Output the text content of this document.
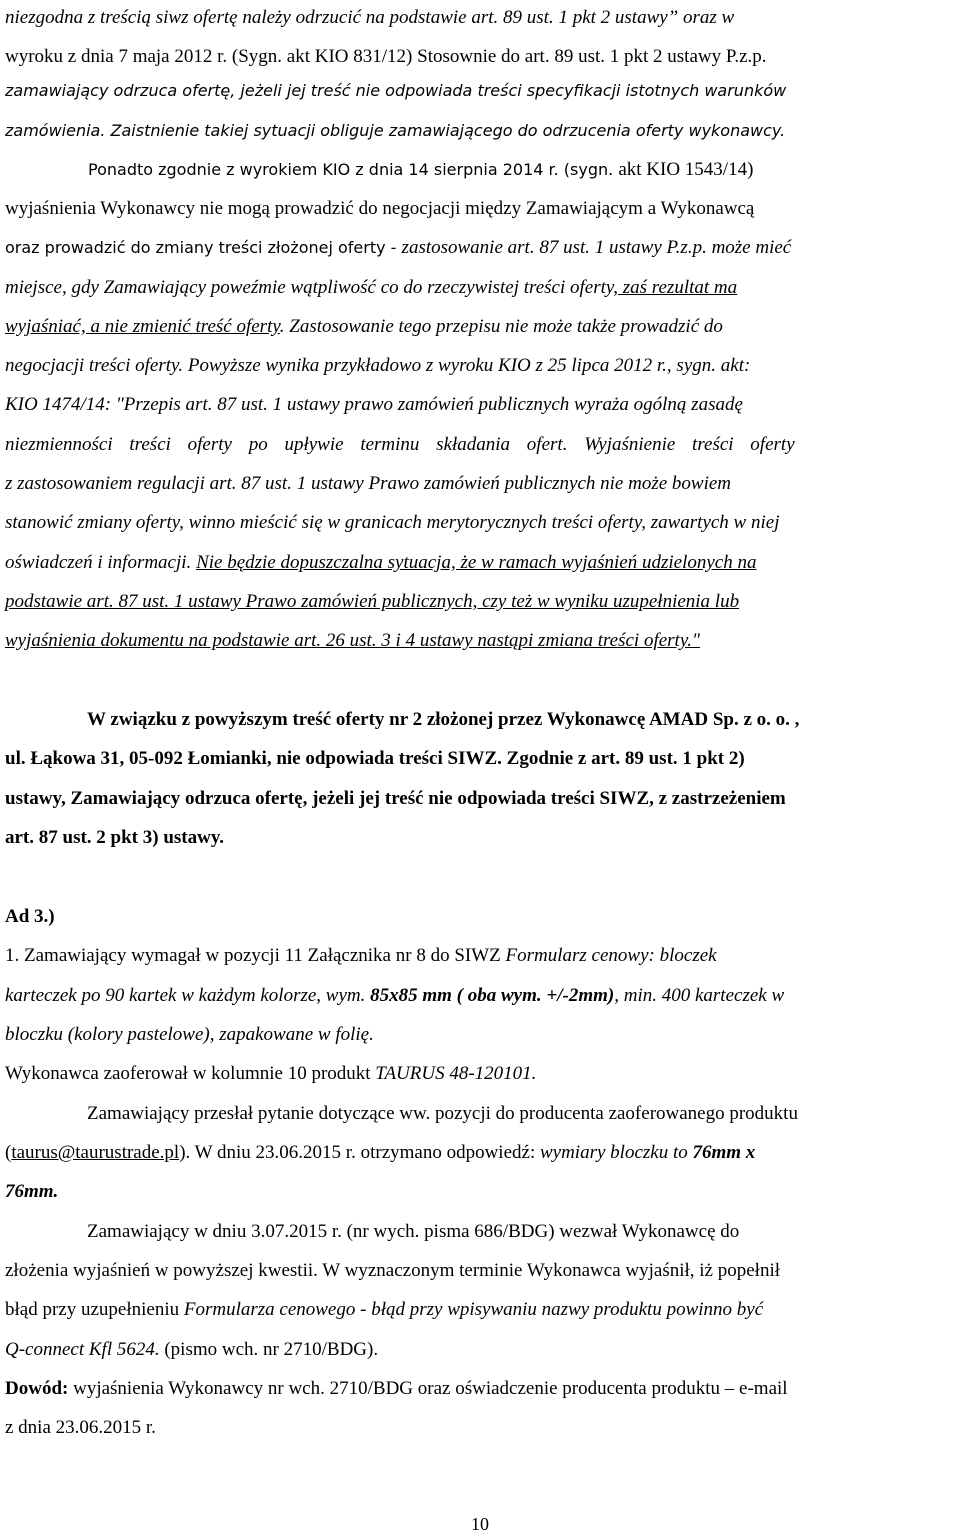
niezgodna z treścią siwz ofertę należy odrzucić na podstawie art. 89 ust. 1 pkt 2 ustawy” oraz w
wyroku z dnia 7 maja 2012 r. (Sygn. akt KIO 831/12) Stosownie do art. 89 ust. 1 pkt 2 ustawy P.z.p.
zamawiający odrzuca ofertę, jeżeli jej treść nie odpowiada treści specyfikacji istotnych warunków
zamówienia. Zaistnienie takiej sytuacji obliguje zamawiającego do odrzucenia oferty wykonawcy.
Ponadto zgodnie z wyrokiem KIO z dnia 14 sierpnia 2014 r. (sygn. akt KIO 1543/14)
wyjaśnienia Wykonawcy nie mogą prowadzić do negocjacji między Zamawiającym a Wykonawcą
oraz prowadzić do zmiany treści złożonej oferty - zastosowanie art. 87 ust. 1 ustawy P.z.p. może mieć
miejsce, gdy Zamawiający poweźmie wątpliwość co do rzeczywistej treści oferty, zaś rezultat ma
wyjaśniać, a nie zmienić treść oferty. Zastosowanie tego przepisu nie może także prowadzić do
negocjacji treści oferty. Powyższe wynika przykładowo z wyroku KIO z 25 lipca 2012 r., sygn. akt:
KIO 1474/14: "Przepis art. 87 ust. 1 ustawy prawo zamówień publicznych wyraża ogólną zasadę
niezmienności treści oferty po upływie terminu składania ofert. Wyjaśnienie treści oferty
z zastosowaniem regulacji art. 87 ust. 1 ustawy Prawo zamówień publicznych nie może bowiem
stanowić zmiany oferty, winno mieścić się w granicach merytorycznych treści oferty, zawartych w niej
oświadczeń i informacji. Nie będzie dopuszczalna sytuacja, że w ramach wyjaśnień udzielonych na
podstawie art. 87 ust. 1 ustawy Prawo zamówień publicznych, czy też w wyniku uzupełnienia lub
wyjaśnienia dokumentu na podstawie art. 26 ust. 3 i 4 ustawy nastąpi zmiana treści oferty."
W związku z powyższym treść oferty nr 2 złożonej przez Wykonawcę AMAD Sp. z o. o. ,
ul. Łąkowa 31, 05-092 Łomianki, nie odpowiada treści SIWZ. Zgodnie z art. 89 ust. 1 pkt 2)
ustawy, Zamawiający odrzuca ofertę, jeżeli jej treść nie odpowiada treści SIWZ, z zastrzeżeniem
art. 87 ust. 2 pkt 3) ustawy.
Ad 3.)
1. Zamawiający wymagał w pozycji 11 Załącznika nr 8 do SIWZ Formularz cenowy: bloczek
karteczek po 90 kartek w każdym kolorze, wym. 85x85 mm ( oba wym. +/-2mm), min. 400 karteczek w
bloczku (kolory pastelowe), zapakowane w folię.
Wykonawca zaoferował w kolumnie 10 produkt TAURUS 48-120101.
Zamawiający przesłał pytanie dotyczące ww. pozycji do producenta zaoferowanego produktu
(taurus@taurustrade.pl). W dniu 23.06.2015 r. otrzymano odpowiedź: wymiary bloczku to 76mm x
76mm.
Zamawiający w dniu 3.07.2015 r. (nr wych. pisma 686/BDG) wezwał Wykonawcę do
złożenia wyjaśnień w powyższej kwestii. W wyznaczonym terminie Wykonawca wyjaśnił, iż popełnił
błąd przy uzupełnieniu Formularza cenowego - błąd przy wpisywaniu nazwy produktu powinno być
Q-connect Kfl 5624. (pismo wch. nr 2710/BDG).
Dowód: wyjaśnienia Wykonawcy nr wch. 2710/BDG oraz oświadczenie producenta produktu – e-mail
z dnia 23.06.2015 r.
10
